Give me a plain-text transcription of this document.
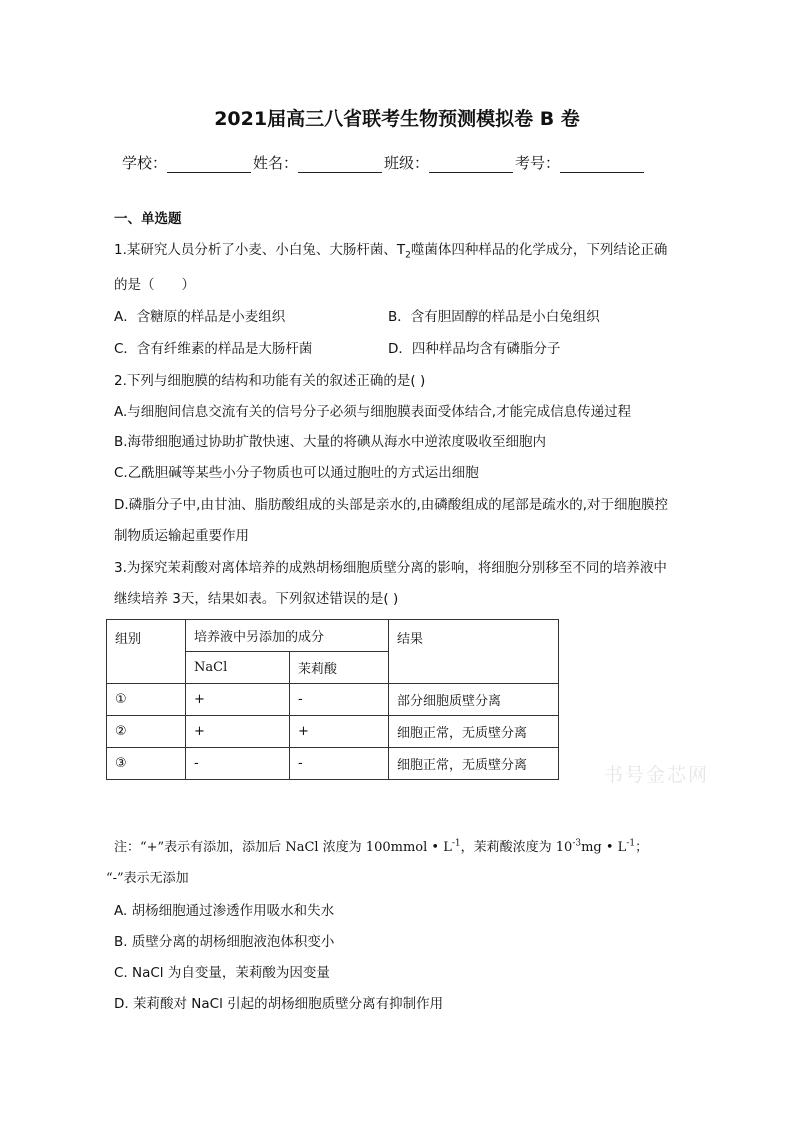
2021届高三八省联考生物预测模拟卷 B 卷
学校：	姓名：	班级：	考号：
一、单选题
1.某研究人员分析了小麦、小白兔、大肠杆菌、$T_2$噬菌体四种样品的化学成分，下列结论正确
的是（　　）
A．含糖原的样品是小麦组织	B．含有胆固醇的样品是小白兔组织
C．含有纤维素的样品是大肠杆菌	D．四种样品均含有磷脂分子
2.下列与细胞膜的结构和功能有关的叙述正确的是( )
A.与细胞间信息交流有关的信号分子必须与细胞膜表面受体结合,才能完成信息传递过程
B.海带细胞通过协助扩散快速、大量的将碘从海水中逆浓度吸收至细胞内
C.乙酰胆碱等某些小分子物质也可以通过胞吐的方式运出细胞
D.磷脂分子中,由甘油、脂肪酸组成的头部是亲水的,由磷酸组成的尾部是疏水的,对于细胞膜控
制物质运输起重要作用
3.为探究茉莉酸对离体培养的成熟胡杨细胞质壁分离的影响，将细胞分别移至不同的培养液中
继续培养 3天，结果如表。下列叙述错误的是( )
组别	培养液中另添加的成分		结果
	NaCl	茉莉酸	
①	+	-	部分细胞质壁分离
②	+	+	细胞正常，无质壁分离
③	-	-	细胞正常，无质壁分离	书号金芯网
注：“+”表示有添加，添加后 NaCl 浓度为 100mmol • $L^{-1}$，茉莉酸浓度为 $10^{-3}mg$ • $L^{-1}$；
“-”表示无添加
A. 胡杨细胞通过渗透作用吸水和失水
B. 质壁分离的胡杨细胞液泡体积变小
C. NaCl 为自变量，茉莉酸为因变量
D. 茉莉酸对 NaCl 引起的胡杨细胞质壁分离有抑制作用
